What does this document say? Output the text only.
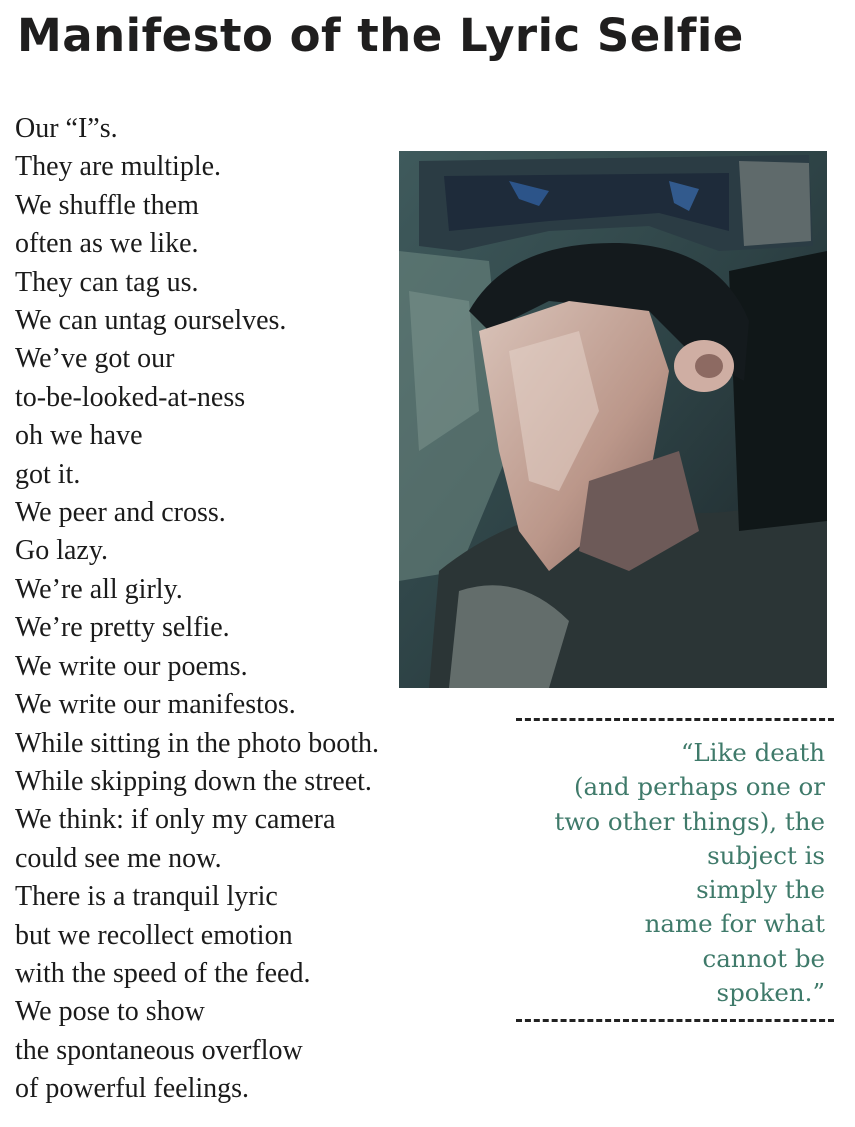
Manifesto of the Lyric Selfie
Our “I”s.
They are multiple.
We shuffle them
often as we like.
They can tag us.
We can untag ourselves.
We’ve got our
to-be-looked-at-ness
oh we have
got it.
We peer and cross.
Go lazy.
We’re all girly.
We’re pretty selfie.
We write our poems.
We write our manifestos.
While sitting in the photo booth.
While skipping down the street.
We think: if only my camera
could see me now.
There is a tranquil lyric
but we recollect emotion
with the speed of the feed.
We pose to show
the spontaneous overflow
of powerful feelings.

“Like death
(and perhaps one or
two other things), the
subject is
simply the
name for what
cannot be
spoken.”
